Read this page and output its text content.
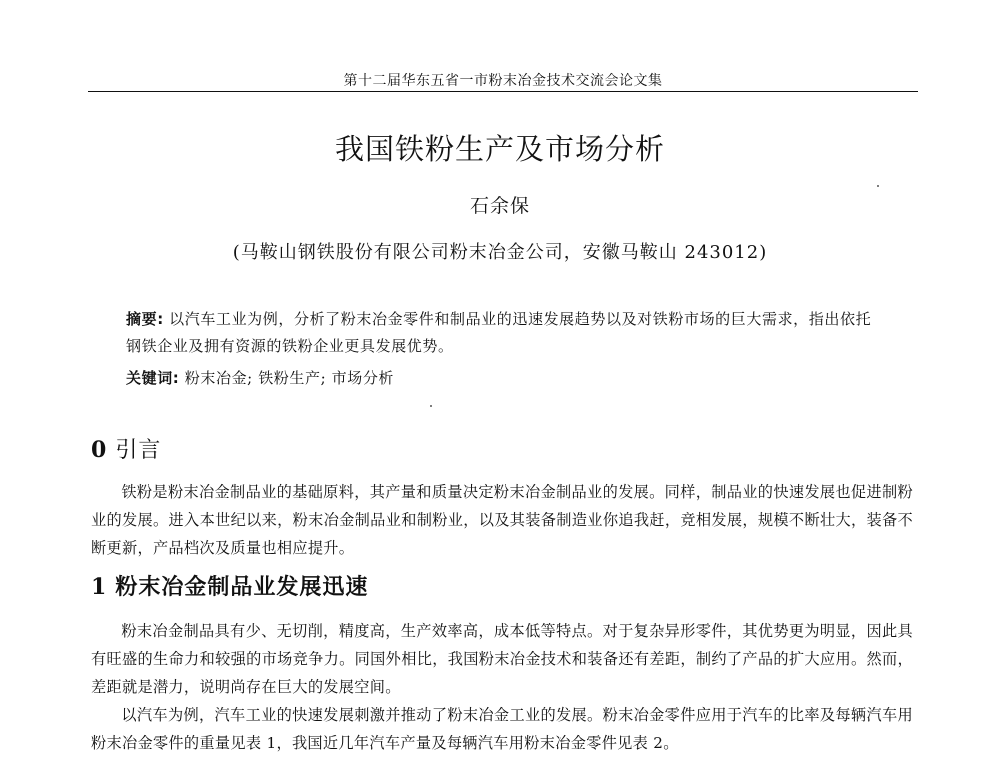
第十二届华东五省一市粉末冶金技术交流会论文集
我国铁粉生产及市场分析
石余保
(马鞍山钢铁股份有限公司粉末冶金公司，安徽马鞍山 243012)

摘要: 以汽车工业为例，分析了粉末冶金零件和制品业的迅速发展趋势以及对铁粉市场的巨大需求，指出依托钢铁企业及拥有资源的铁粉企业更具发展优势。

关键词: 粉末冶金; 铁粉生产; 市场分析
0 引言

铁粉是粉末冶金制品业的基础原料，其产量和质量决定粉末冶金制品业的发展。同样，制品业的快速发展也促进制粉业的发展。进入本世纪以来，粉末冶金制品业和制粉业，以及其装备制造业你追我赶，竞相发展，规模不断壮大，装备不断更新，产品档次及质量也相应提升。

1 粉末冶金制品业发展迅速

粉末冶金制品具有少、无切削，精度高，生产效率高，成本低等特点。对于复杂异形零件，其优势更为明显，因此具有旺盛的生命力和较强的市场竞争力。同国外相比，我国粉末冶金技术和装备还有差距，制约了产品的扩大应用。然而，差距就是潜力，说明尚存在巨大的发展空间。

以汽车为例，汽车工业的快速发展刺激并推动了粉末冶金工业的发展。粉末冶金零件应用于汽车的比率及每辆汽车用粉末冶金零件的重量见表 1，我国近几年汽车产量及每辆汽车用粉末冶金零件见表 2。
